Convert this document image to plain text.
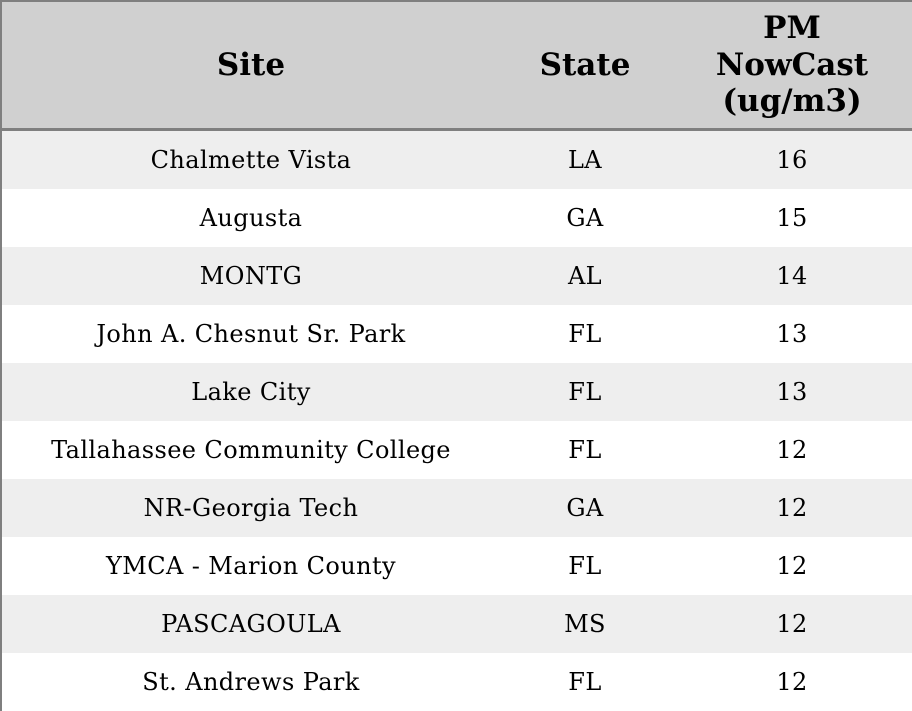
Site	State	PM NowCast (ug/m3)
Chalmette Vista	LA	16
Augusta	GA	15
MONTG	AL	14
John A. Chesnut Sr. Park	FL	13
Lake City	FL	13
Tallahassee Community College	FL	12
NR-Georgia Tech	GA	12
YMCA - Marion County	FL	12
PASCAGOULA	MS	12
St. Andrews Park	FL	12
